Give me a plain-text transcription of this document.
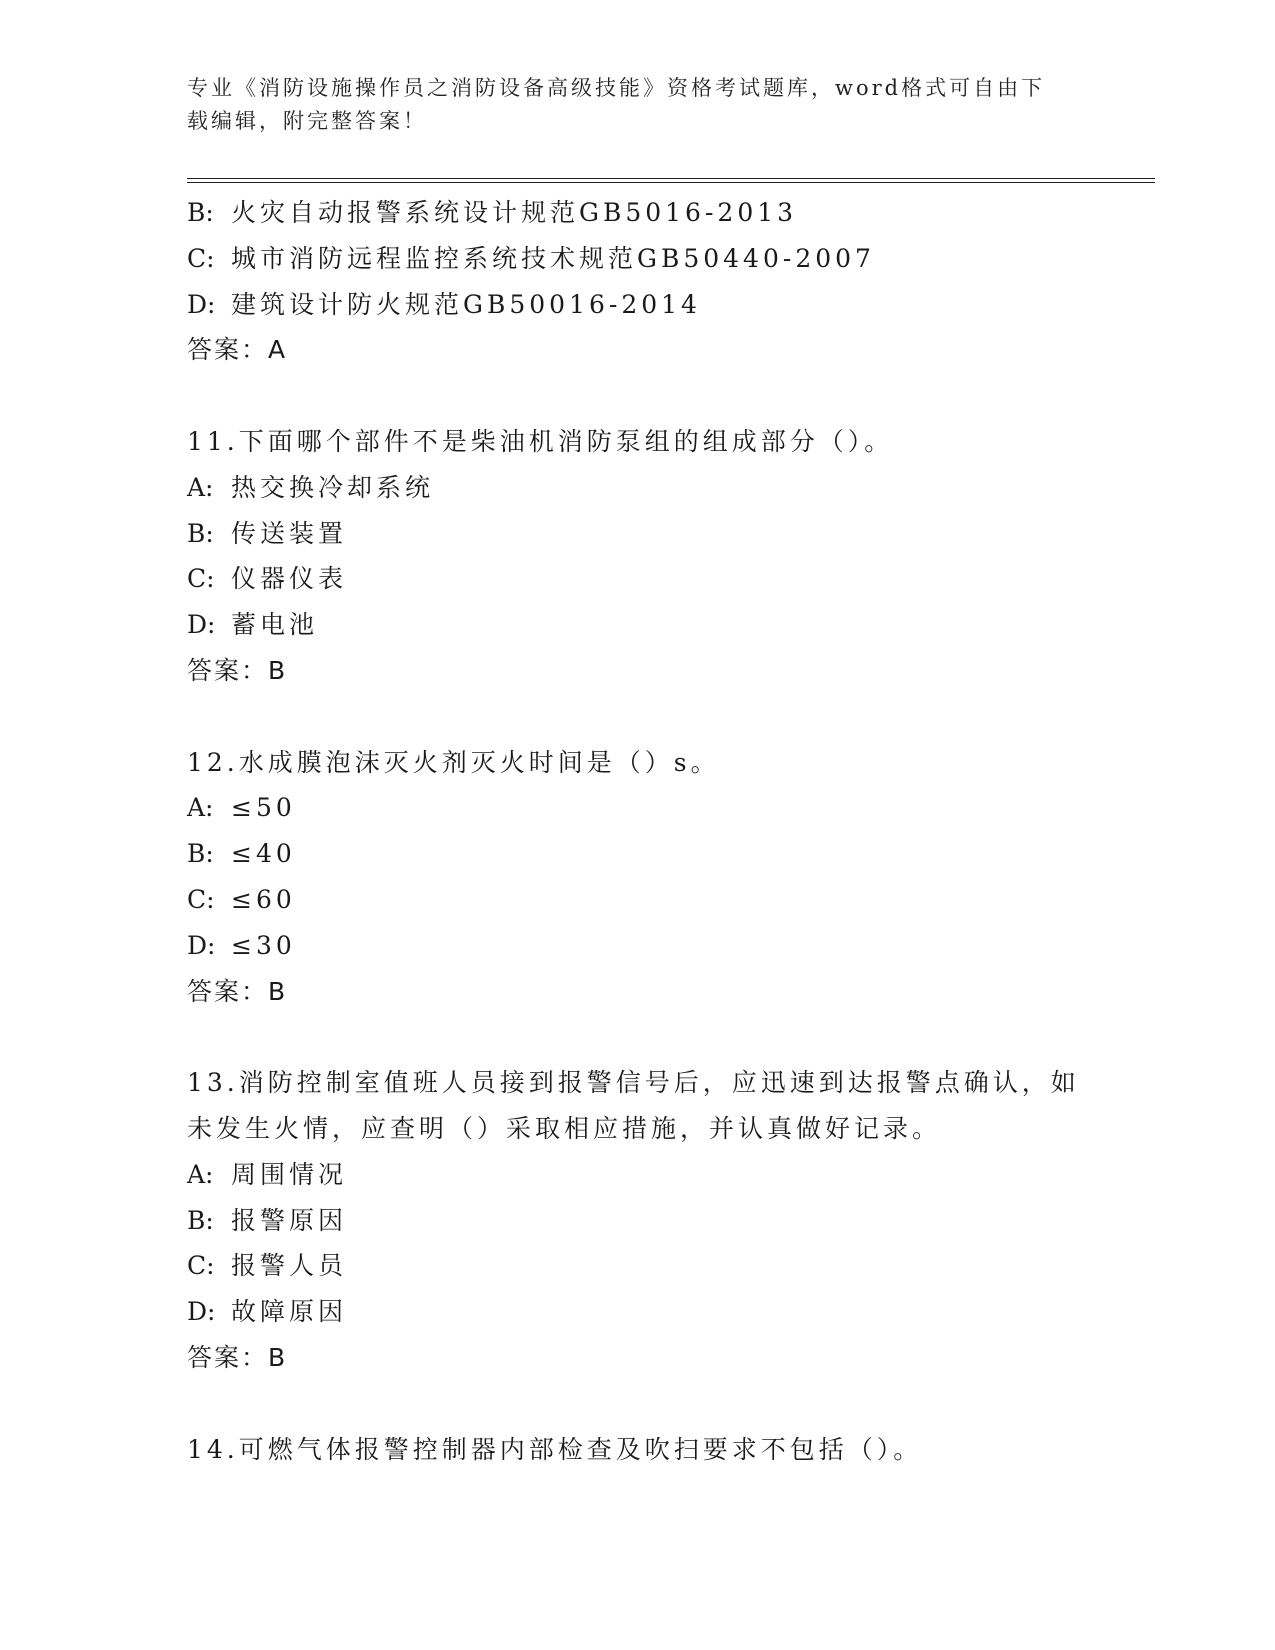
专业《消防设施操作员之消防设备高级技能》资格考试题库，word格式可自由下载编辑，附完整答案！
B: 火灾自动报警系统设计规范GB5016-2013
C: 城市消防远程监控系统技术规范GB50440-2007
D: 建筑设计防火规范GB50016-2014
答案：A
11.下面哪个部件不是柴油机消防泵组的组成部分（）。
A: 热交换冷却系统
B: 传送装置
C: 仪器仪表
D: 蓄电池
答案：B
12.水成膜泡沫灭火剂灭火时间是（）s。
A: ≤50
B: ≤40
C: ≤60
D: ≤30
答案：B
13.消防控制室值班人员接到报警信号后，应迅速到达报警点确认，如
未发生火情，应查明（）采取相应措施，并认真做好记录。
A: 周围情况
B: 报警原因
C: 报警人员
D: 故障原因
答案：B
14.可燃气体报警控制器内部检查及吹扫要求不包括（）。
